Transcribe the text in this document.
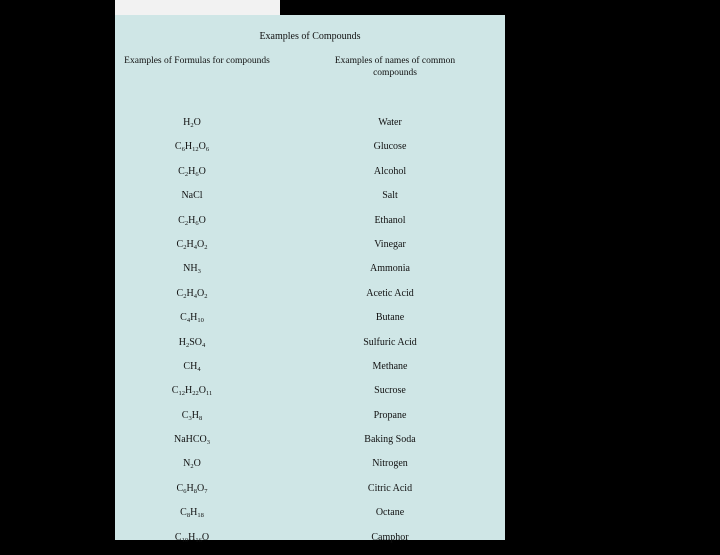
Examples of Compounds
Examples of Formulas for compounds	Examples of names of common compounds
$H_2O$	Water
$C_6H_{12}O_6$	Glucose
$C_2H_6O$	Alcohol
NaCl	Salt
$C_2H_6O$	Ethanol
$C_2H_4O_2$	Vinegar
$NH_3$	Ammonia
$C_2H_4O_2$	Acetic Acid
$C_4H_{10}$	Butane
$H_2SO_4$	Sulfuric Acid
$CH_4$	Methane
$C_{12}H_{22}O_{11}$	Sucrose
$C_3H_8$	Propane
NaHCO$_3$	Baking Soda
$N_2O$	Nitrogen
$C_6H_8O_7$	Citric Acid
$C_8H_{18}$	Octane
$C_{10}H_{16}O$	Camphor
